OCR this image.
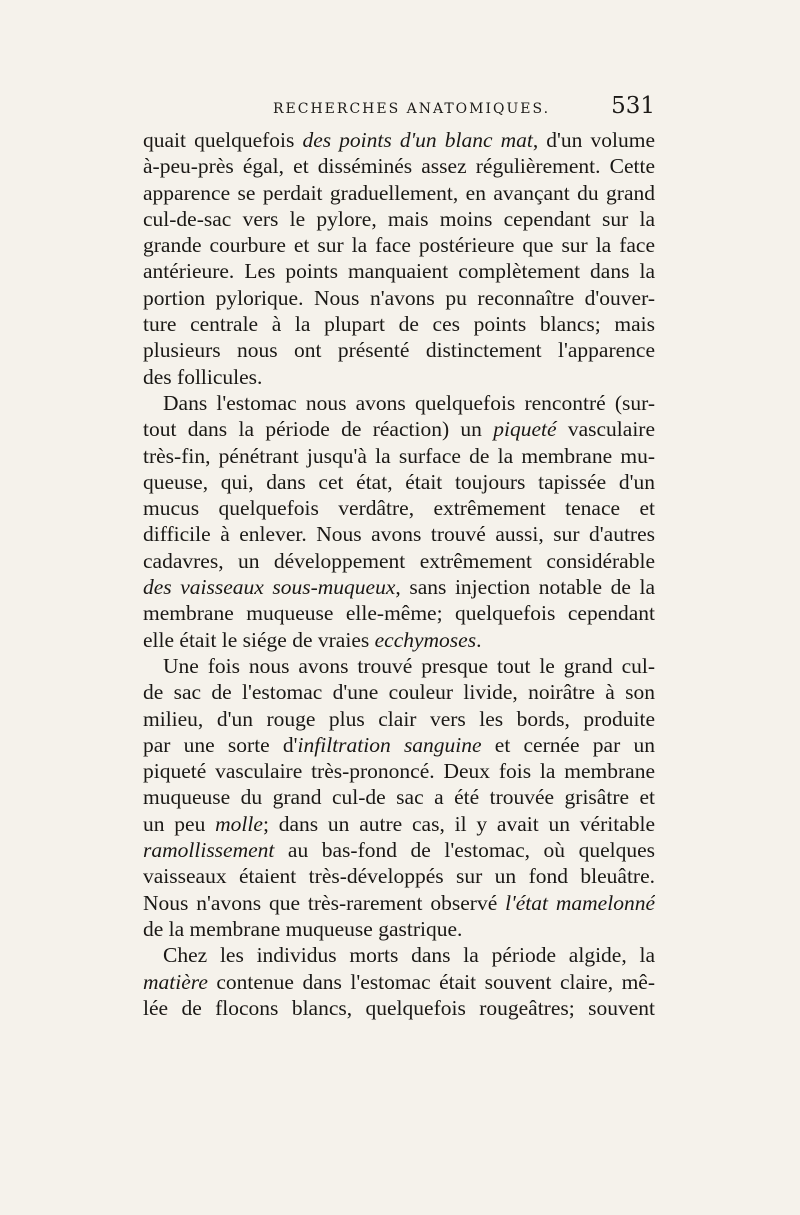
RECHERCHES ANATOMIQUES.	531
quait quelquefois des points d'un blanc mat, d'un volume
à-peu-près égal, et disséminés assez régulièrement. Cette
apparence se perdait graduellement, en avançant du grand
cul-de-sac vers le pylore, mais moins cependant sur la
grande courbure et sur la face postérieure que sur la face
antérieure. Les points manquaient complètement dans la
portion pylorique. Nous n'avons pu reconnaître d'ouver-
ture centrale à la plupart de ces points blancs; mais
plusieurs nous ont présenté distinctement l'apparence
des follicules.
Dans l'estomac nous avons quelquefois rencontré (sur-
tout dans la période de réaction) un piqueté vasculaire
très-fin, pénétrant jusqu'à la surface de la membrane mu-
queuse, qui, dans cet état, était toujours tapissée d'un
mucus quelquefois verdâtre, extrêmement tenace et
difficile à enlever. Nous avons trouvé aussi, sur d'autres
cadavres, un développement extrêmement considérable
des vaisseaux sous-muqueux, sans injection notable de la
membrane muqueuse elle-même; quelquefois cependant
elle était le siége de vraies ecchymoses.
Une fois nous avons trouvé presque tout le grand cul-
de sac de l'estomac d'une couleur livide, noirâtre à son
milieu, d'un rouge plus clair vers les bords, produite
par une sorte d'infiltration sanguine et cernée par un
piqueté vasculaire très-prononcé. Deux fois la membrane
muqueuse du grand cul-de sac a été trouvée grisâtre et
un peu molle; dans un autre cas, il y avait un véritable
ramollissement au bas-fond de l'estomac, où quelques
vaisseaux étaient très-développés sur un fond bleuâtre.
Nous n'avons que très-rarement observé l'état mamelonné
de la membrane muqueuse gastrique.
Chez les individus morts dans la période algide, la
matière contenue dans l'estomac était souvent claire, mê-
lée de flocons blancs, quelquefois rougeâtres; souvent
